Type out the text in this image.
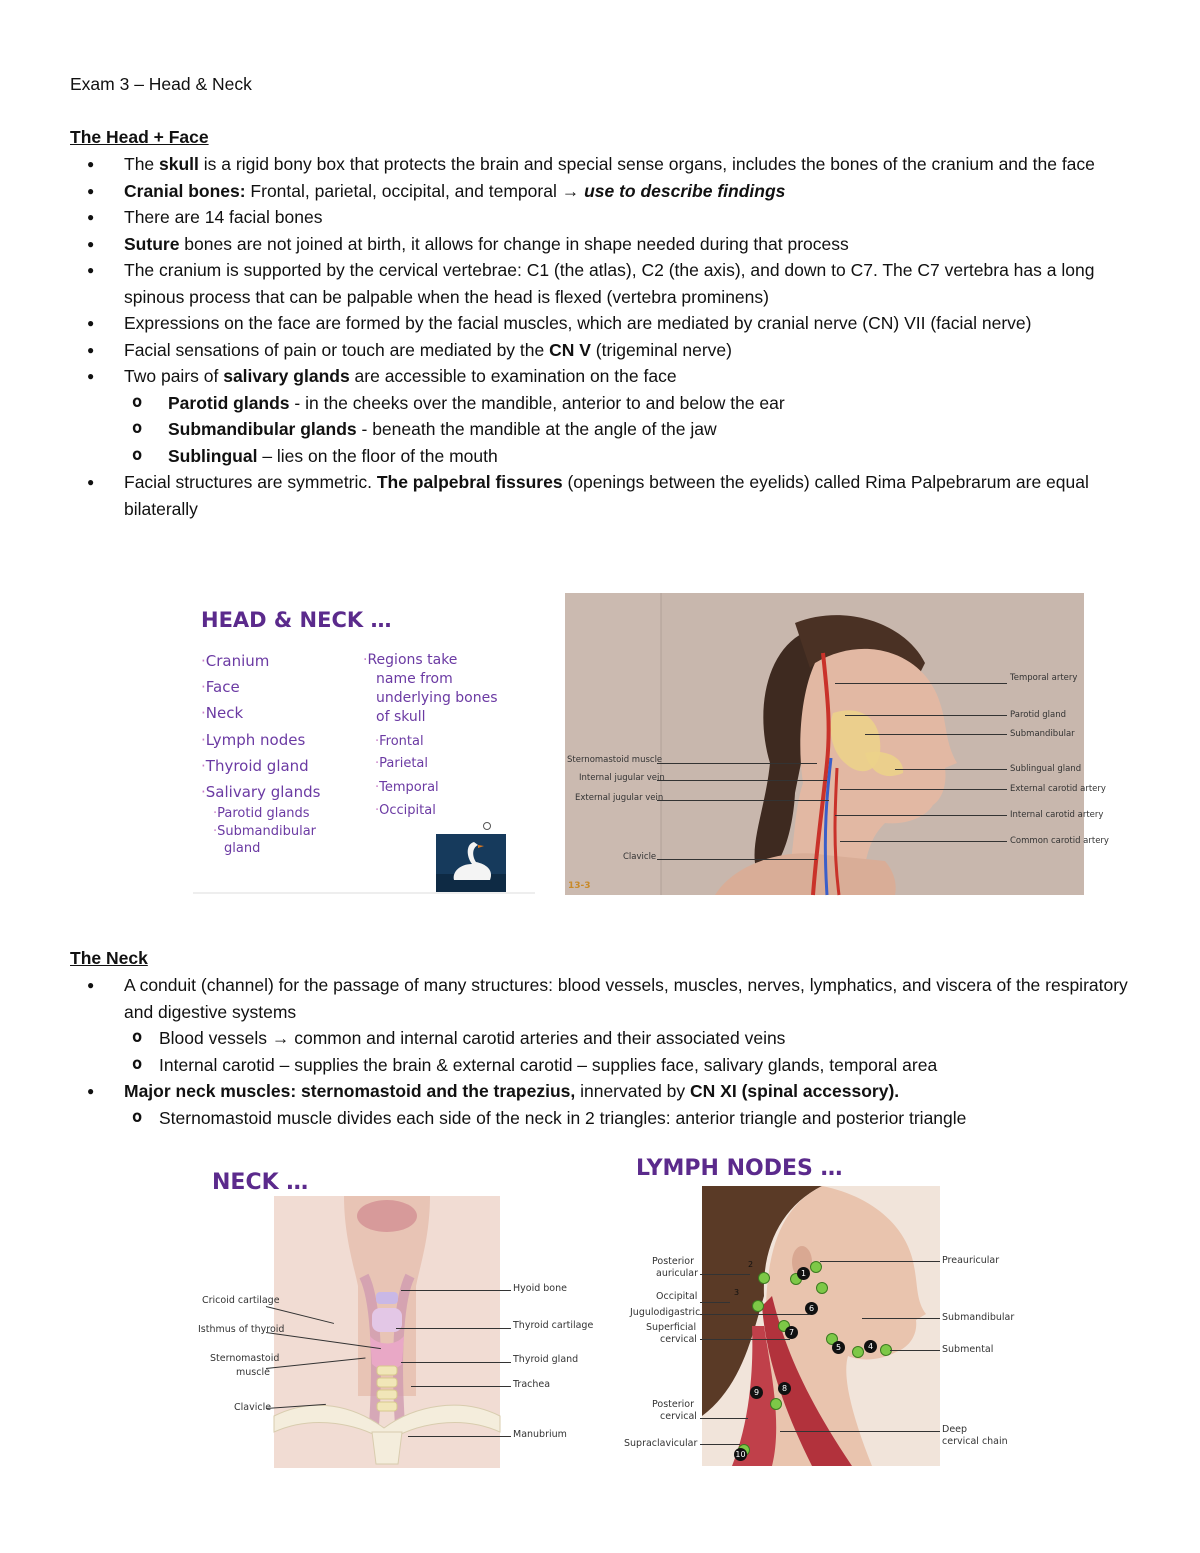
Exam 3 – Head & Neck
The Head + Face
● The skull is a rigid bony box that protects the brain and special sense organs, includes the bones of the cranium and the face
● Cranial bones: Frontal, parietal, occipital, and temporal → use to describe findings
● There are 14 facial bones
● Suture bones are not joined at birth, it allows for change in shape needed during that process
● The cranium is supported by the cervical vertebrae: C1 (the atlas), C2 (the axis), and down to C7. The C7 vertebra has a long spinous process that can be palpable when the head is flexed (vertebra prominens)
● Expressions on the face are formed by the facial muscles, which are mediated by cranial nerve (CN) VII (facial nerve)
● Facial sensations of pain or touch are mediated by the CN V (trigeminal nerve)
● Two pairs of salivary glands are accessible to examination on the face
o Parotid glands - in the cheeks over the mandible, anterior to and below the ear
o Submandibular glands - beneath the mandible at the angle of the jaw
o Sublingual – lies on the floor of the mouth
● Facial structures are symmetric. The palpebral fissures (openings between the eyelids) called Rima Palpebrarum are equal bilaterally
HEAD & NECK …
· Cranium
· Face
· Neck
· Lymph nodes
· Thyroid gland
· Salivary glands
· Parotid glands
· Submandibular
gland
· Regions take
name from
underlying bones
of skull
· Frontal
· Parietal
· Temporal
· Occipital
Temporal artery
Parotid gland
Submandibular
Sublingual gland
External carotid artery
Internal carotid artery
Common carotid artery
Sternomastoid muscle
Internal jugular vein
External jugular vein
Clavicle
13-3
The Neck
● A conduit (channel) for the passage of many structures: blood vessels, muscles, nerves, lymphatics, and viscera of the respiratory and digestive systems
o Blood vessels → common and internal carotid arteries and their associated veins
o Internal carotid – supplies the brain & external carotid – supplies face, salivary glands, temporal area
● Major neck muscles: sternomastoid and the trapezius, innervated by CN XI (spinal accessory).
o Sternomastoid muscle divides each side of the neck in 2 triangles: anterior triangle and posterior triangle
NECK …
Cricoid cartilage
Isthmus of thyroid
Sternomastoid
muscle
Clavicle
Hyoid bone
Thyroid cartilage
Thyroid gland
Trachea
Manubrium
LYMPH NODES …
1
2
3
4
5
6
7
8
9
10
Posterior
auricular
Occipital
Jugulodigastric
Superficial
cervical
Posterior
cervical
Supraclavicular
Preauricular
Submandibular
Submental
Deep
cervical chain
